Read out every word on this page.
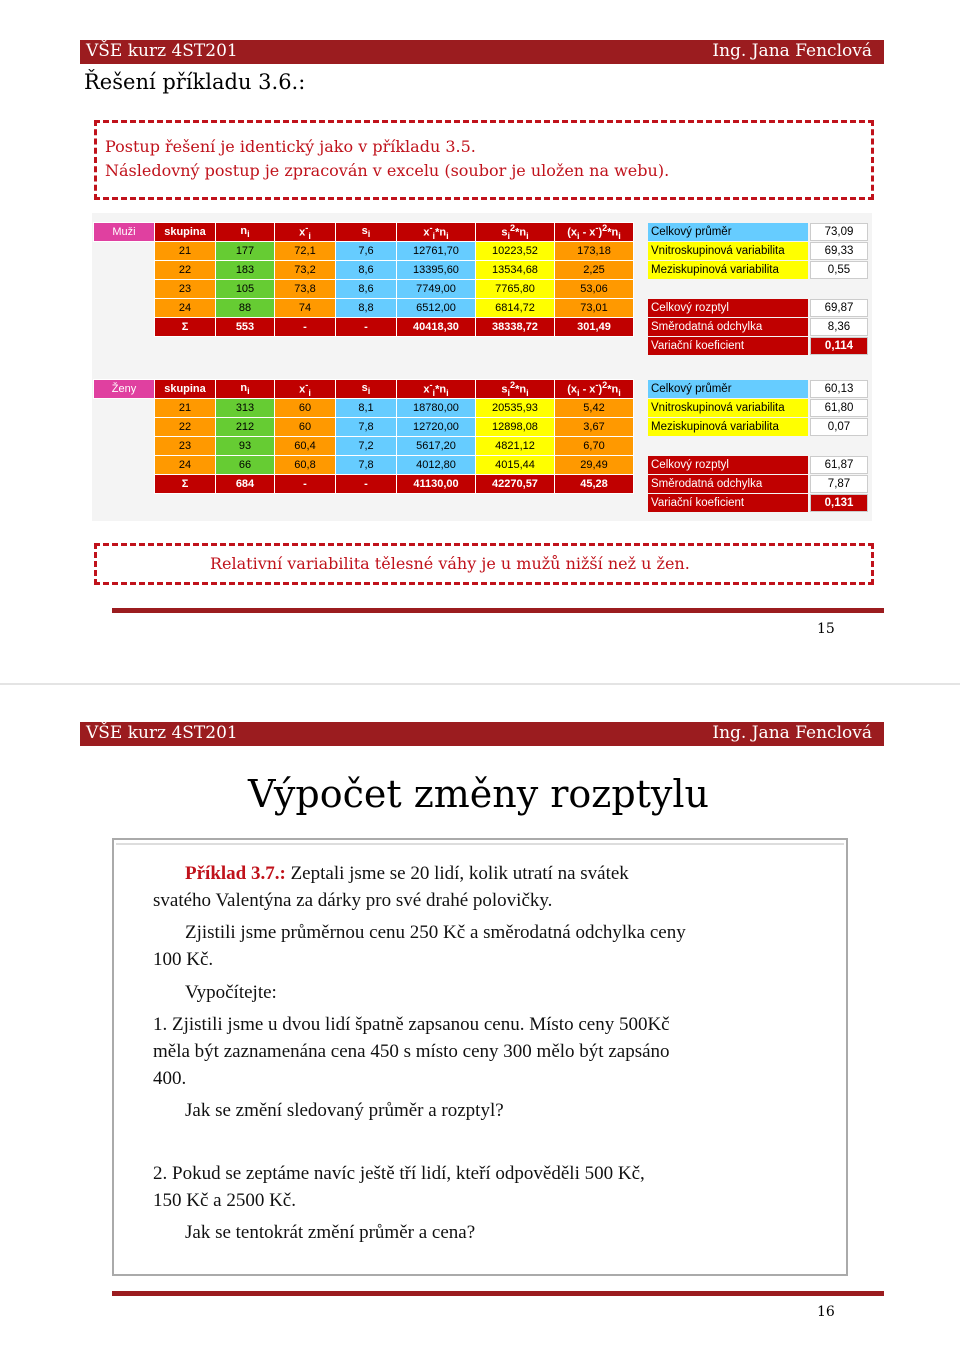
VŠE kurz 4ST201	Ing. Jana Fenclová
Řešení příkladu 3.6.:
Postup řešení je identický jako v příkladu 3.5.
Následovný postup je zpracován v excelu (soubor je uložen na webu).
Muži	skupina	$n_i$	$x^-_i$	$s_i$	$x^-_i*n_i$	$s_i^2*n_i$	$(x_i - x^-)^2*n_i$
	21	177	72,1	7,6	12761,70	10223,52	173,18
	22	183	73,2	8,6	13395,60	13534,68	2,25
	23	105	73,8	8,6	7749,00	7765,80	53,06
	24	88	74	8,8	6512,00	6814,72	73,01
	Σ	553	-	-	40418,30	38338,72	301,49
Celkový průměr	73,09
Vnitroskupinová variabilita	69,33
Meziskupinová variabilita	0,55
Celkový rozptyl	69,87
Směrodatná odchylka	8,36
Variační koeficient	0,114
Ženy	skupina	$n_i$	$x^-_i$	$s_i$	$x^-_i*n_i$	$s_i^2*n_i$	$(x_i - x^-)^2*n_i$
	21	313	60	8,1	18780,00	20535,93	5,42
	22	212	60	7,8	12720,00	12898,08	3,67
	23	93	60,4	7,2	5617,20	4821,12	6,70
	24	66	60,8	7,8	4012,80	4015,44	29,49
	Σ	684	-	-	41130,00	42270,57	45,28
Celkový průměr	60,13
Vnitroskupinová variabilita	61,80
Meziskupinová variabilita	0,07
Celkový rozptyl	61,87
Směrodatná odchylka	7,87
Variační koeficient	0,131
Relativní variabilita tělesné váhy je u mužů nižší než u žen.
15
VŠE kurz 4ST201	Ing. Jana Fenclová
Výpočet změny rozptylu
Příklad 3.7.: Zeptali jsme se 20 lidí, kolik utratí na svátek
svatého Valentýna za dárky pro své drahé polovičky.
Zjistili jsme průměrnou cenu 250 Kč a směrodatná odchylka ceny
100 Kč.
Vypočítejte:
1. Zjistili jsme u dvou lidí špatně zapsanou cenu. Místo ceny 500Kč
měla být zaznamenána cena 450 s místo ceny 300 mělo být zapsáno
400.
Jak se změní sledovaný průměr a rozptyl?
2. Pokud se zeptáme navíc ještě tří lidí, kteří odpověděli 500 Kč,
150 Kč a 2500 Kč.
Jak se tentokrát změní průměr a cena?
16
